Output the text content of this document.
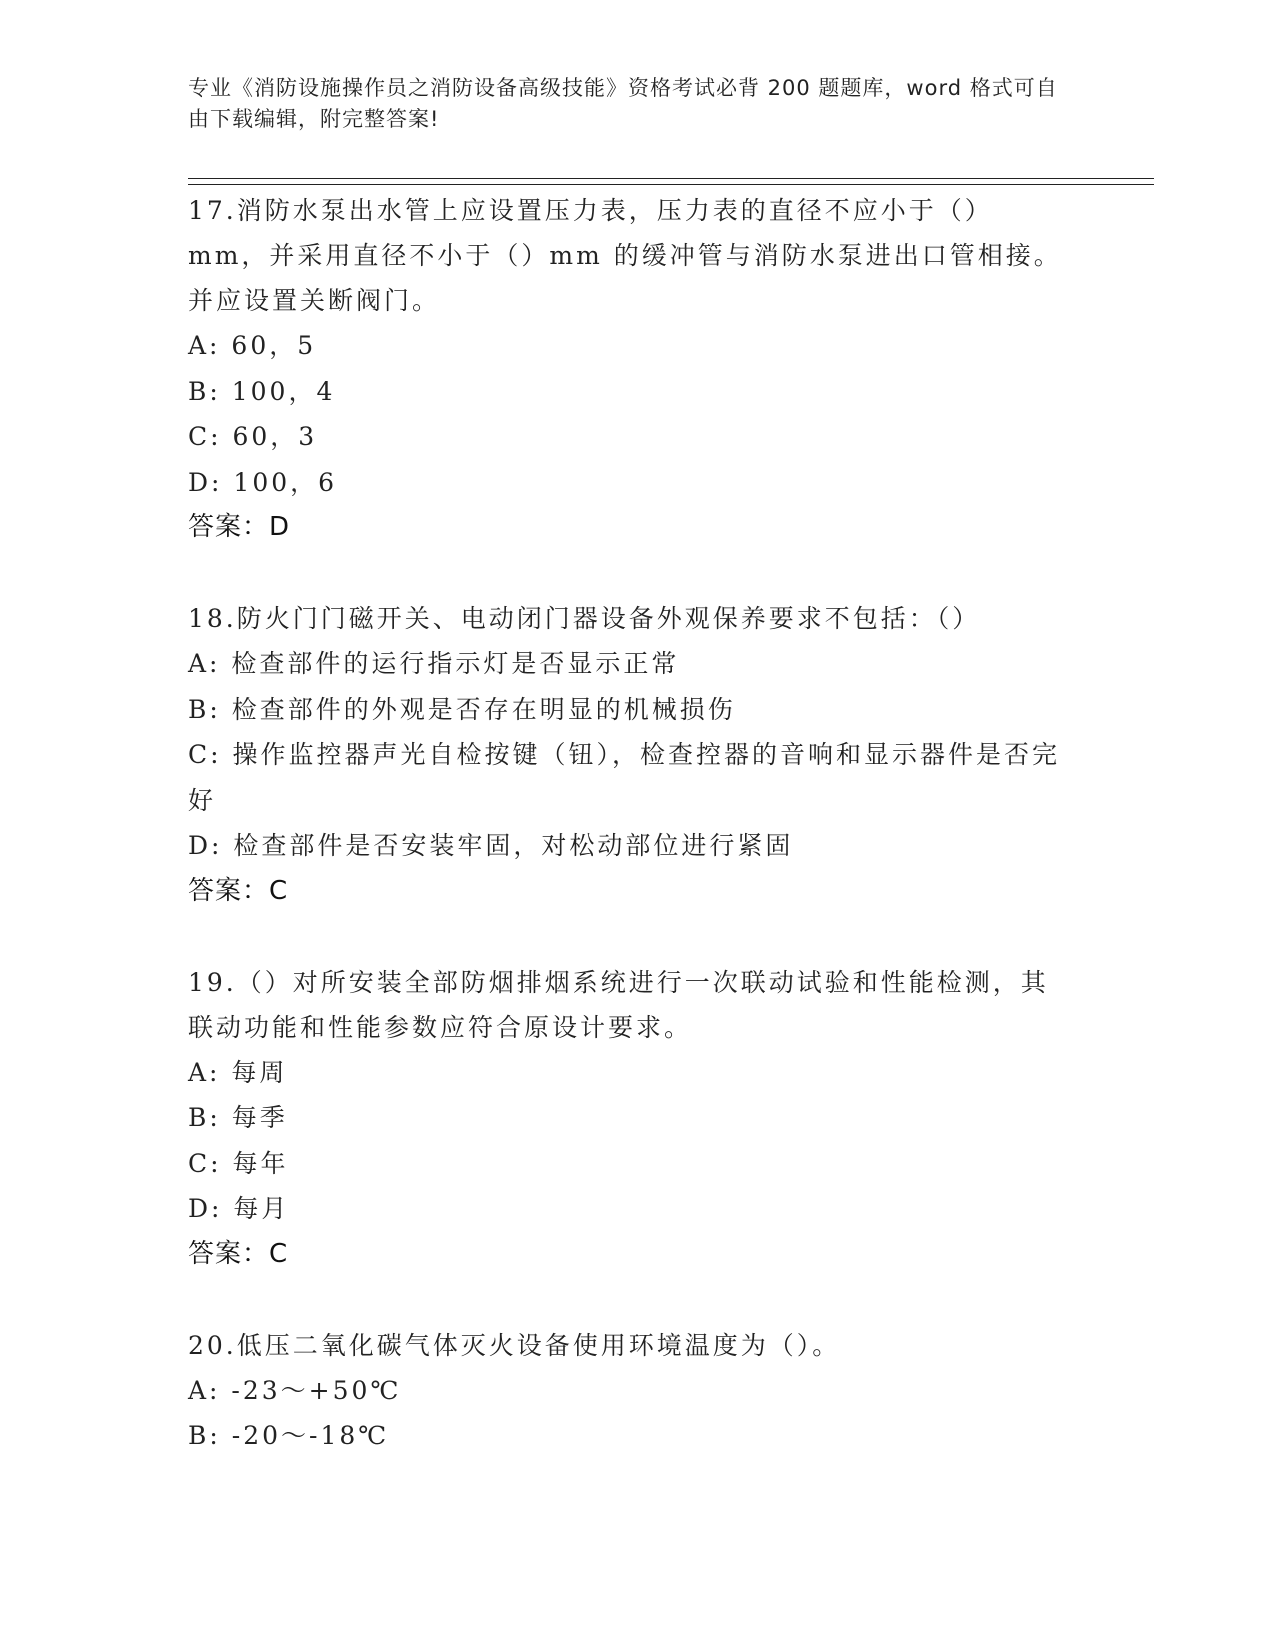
专业《消防设施操作员之消防设备高级技能》资格考试必背 200 题题库，word 格式可自由下载编辑，附完整答案!

17.消防水泵出水管上应设置压力表，压力表的直径不应小于（）mm，并采用直径不小于（）mm 的缓冲管与消防水泵进出口管相接。并应设置关断阀门。

A: 60，5

B: 100，4

C: 60，3

D: 100，6

答案：D

18.防火门门磁开关、电动闭门器设备外观保养要求不包括：（）

A: 检查部件的运行指示灯是否显示正常

B: 检查部件的外观是否存在明显的机械损伤

C: 操作监控器声光自检按键（钮），检查控器的音响和显示器件是否完好

D: 检查部件是否安装牢固，对松动部位进行紧固

答案：C

19.（）对所安装全部防烟排烟系统进行一次联动试验和性能检测，其联动功能和性能参数应符合原设计要求。

A: 每周

B: 每季

C: 每年

D: 每月

答案：C

20.低压二氧化碳气体灭火设备使用环境温度为（）。

A: -23～+50℃

B: -20～-18℃
